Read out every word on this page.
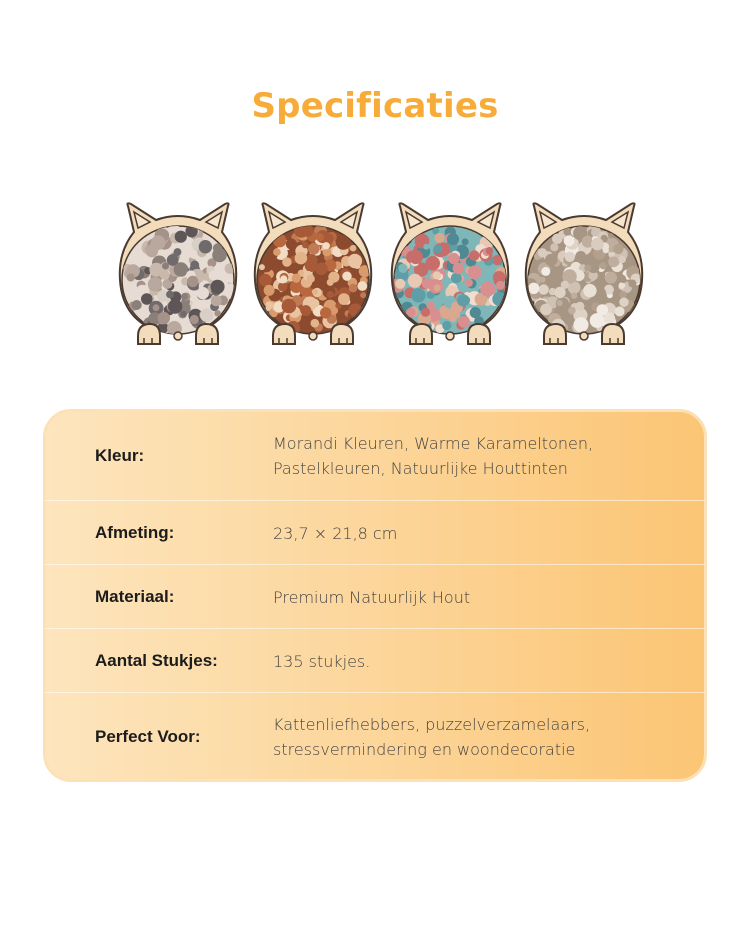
Specificaties
Kleur:
Morandi Kleuren, Warme Karameltonen,
Pastelkleuren, Natuurlijke Houttinten
Afmeting:	23,7 × 21,8 cm
Materiaal:	Premium Natuurlijk Hout
Aantal Stukjes:	135 stukjes.
Perfect Voor:
Kattenliefhebbers, puzzelverzamelaars,
stressvermindering en woondecoratie
